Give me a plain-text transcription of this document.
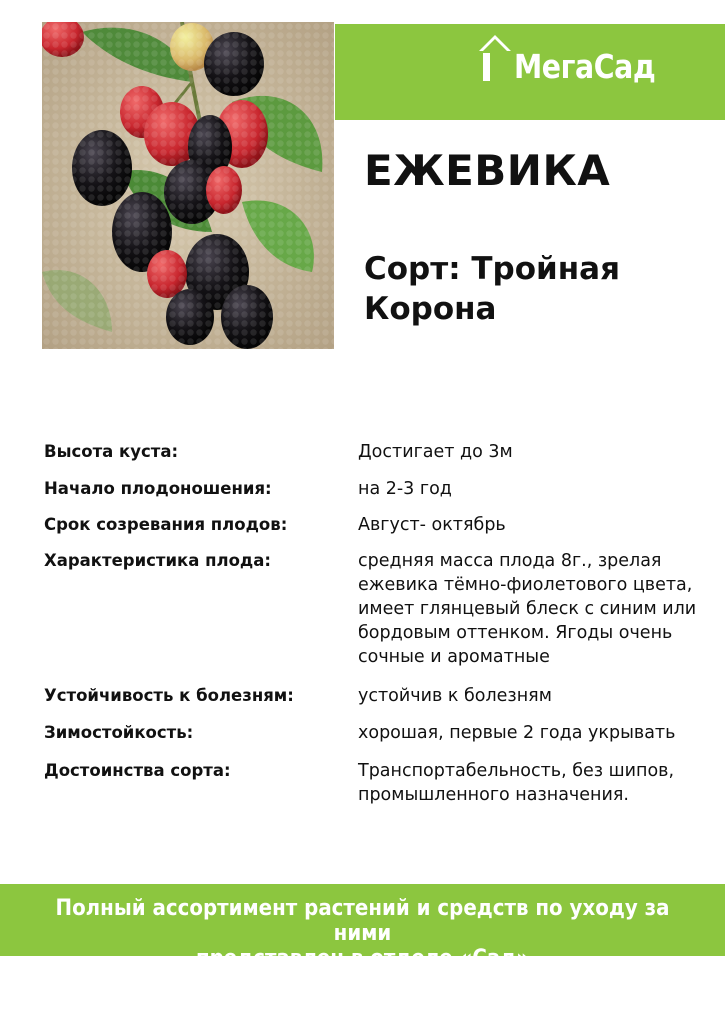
МегаСад
ЕЖЕВИКА
Сорт: Тройная
Корона
Высота куста:	Достигает до 3м
Начало плодоношения:	на 2-3 год
Срок созревания плодов:	Август- октябрь
Характеристика плода:	средняя масса плода 8г., зрелая ежевика тёмно-фиолетового цвета, имеет глянцевый блеск с синим или бордовым оттенком. Ягоды очень сочные и ароматные
Устойчивость к болезням:	устойчив к болезням
Зимостойкость:	хорошая, первые 2 года укрывать
Достоинства сорта:	Транспортабельность, без шипов, промышленного назначения.
Полный ассортимент растений и средств по уходу за ними
представлен в отделе «Сад»
